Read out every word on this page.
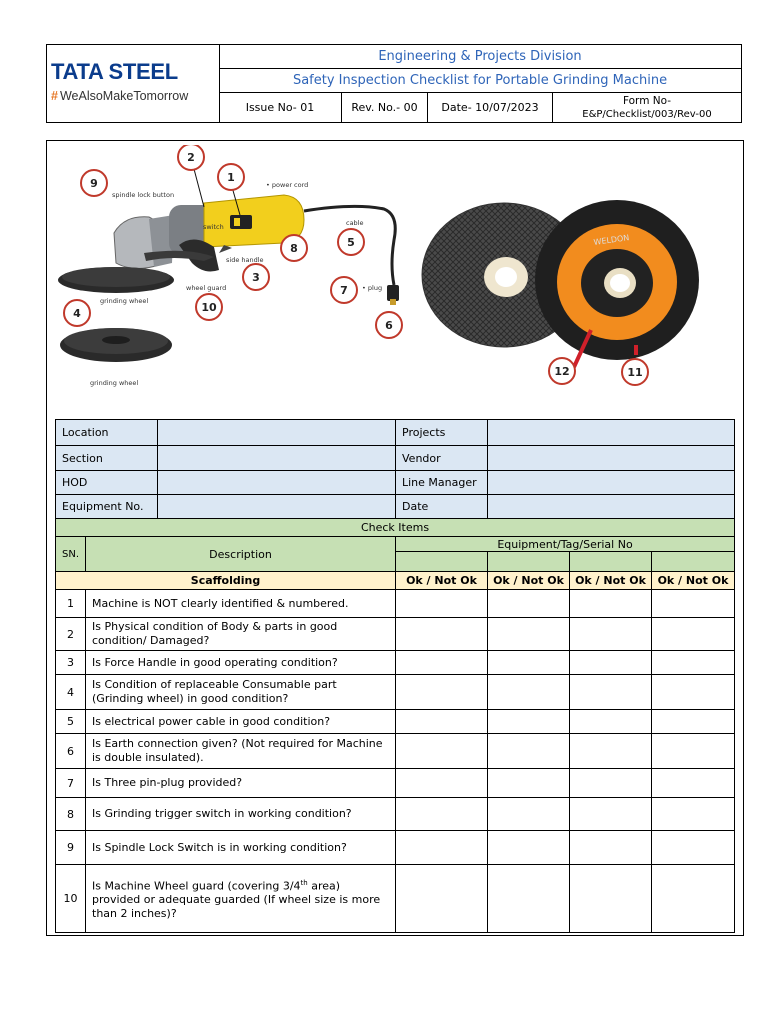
TATA STEEL
# WeAlsoMakeTomorrow
Engineering & Projects Division
Safety Inspection Checklist for Portable Grinding Machine
Issue No- 01	Rev. No.- 00	Date- 10/07/2023
Form No-
E&P/Checklist/003/Rev-00
spindle lock button
• power cord
switch	cable
side handle
• plug
wheel guard
grinding wheel
grinding wheel
9
2
1
8	5
3
7
10
4
6
WELDON
12	11
Location			Projects			
Section			Vendor			
HOD			Line Manager			
Equipment No.			Date			
Check Items						
SN.	Description		Equipment/Tag/Serial No			

Scaffolding			Ok / Not Ok	Ok / Not Ok	Ok / Not Ok	Ok / Not Ok
1	Machine is NOT clearly identified & numbered.					
2	Is Physical condition of Body & parts in good condition/ Damaged?					
3	Is Force Handle in good operating condition?					
4	Is Condition of replaceable Consumable part (Grinding wheel) in good condition?					
5	Is electrical power cable in good condition?					
6	Is Earth connection given? (Not required for Machine is double insulated).					
7	Is Three pin-plug provided?					
8	Is Grinding trigger switch in working condition?					
9	Is Spindle Lock Switch is in working condition?					
10	Is Machine Wheel guard (covering 3/4th area) provided or adequate guarded (If wheel size is more than 2 inches)?					
